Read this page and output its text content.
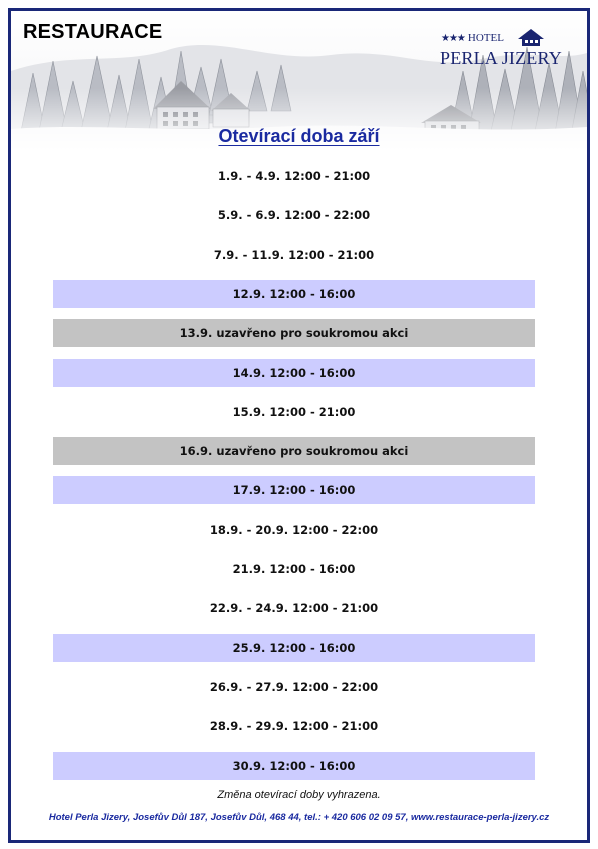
RESTAURACE	★★★ HOTEL
PERLA JIZERY
Otevírací doba září
1.9. - 4.9. 12:00 - 21:00
5.9. - 6.9. 12:00 - 22:00
7.9. - 11.9. 12:00 - 21:00
12.9. 12:00 - 16:00
13.9. uzavřeno pro soukromou akci
14.9. 12:00 - 16:00
15.9. 12:00 - 21:00
16.9. uzavřeno pro soukromou akci
17.9. 12:00 - 16:00
18.9. - 20.9. 12:00 - 22:00
21.9. 12:00 - 16:00
22.9. - 24.9. 12:00 - 21:00
25.9. 12:00 - 16:00
26.9. - 27.9. 12:00 - 22:00
28.9. - 29.9. 12:00 - 21:00
30.9. 12:00 - 16:00
Změna otevírací doby vyhrazena.
Hotel Perla Jizery, Josefův Důl 187, Josefův Důl, 468 44, tel.: + 420 606 02 09 57, www.restaurace-perla-jizery.cz
